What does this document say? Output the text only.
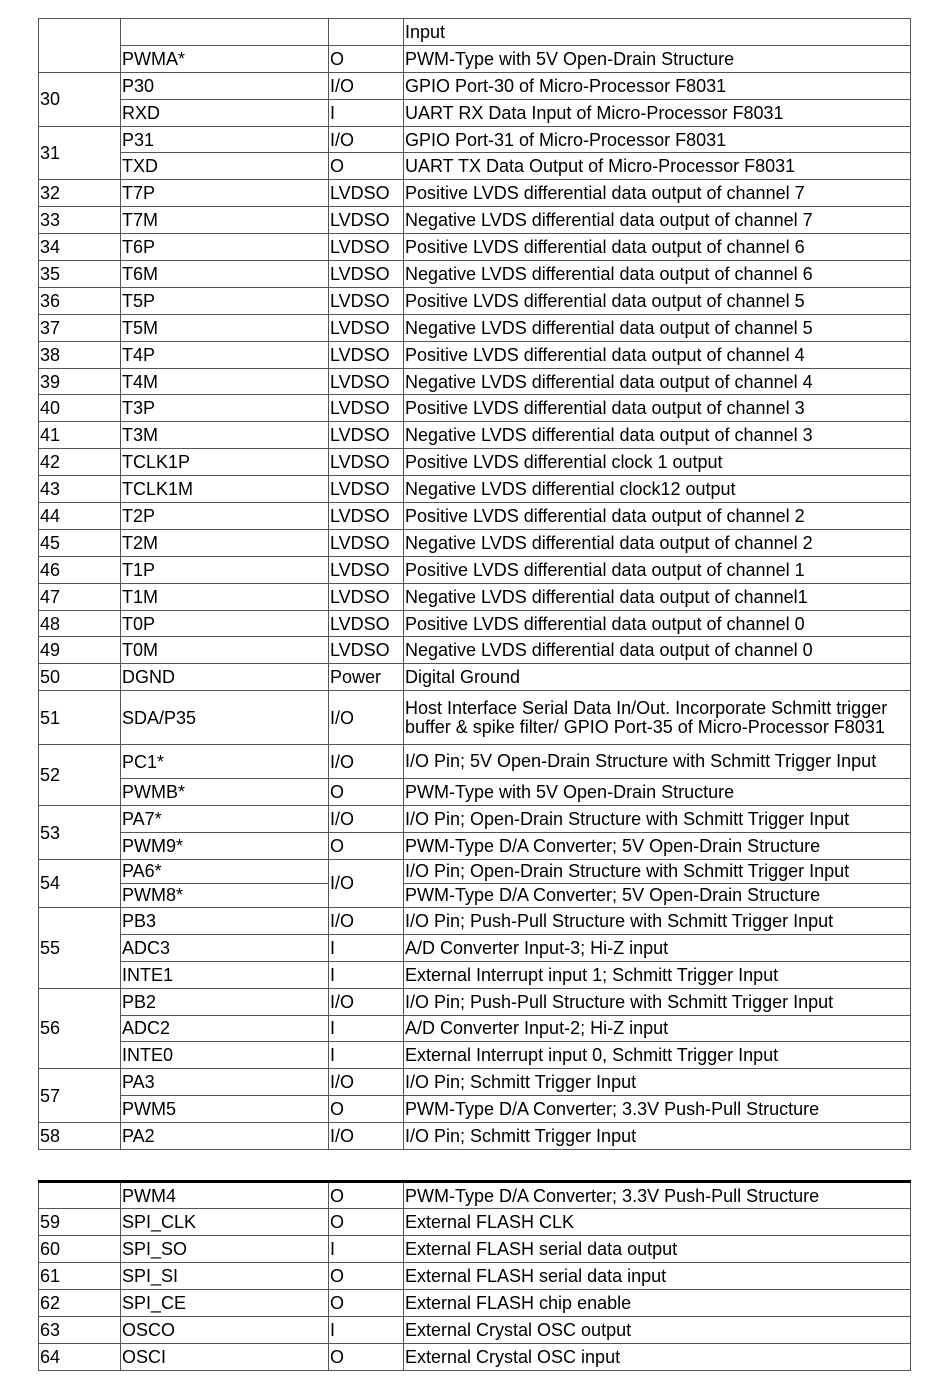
			Input
	PWMA*	O	PWM-Type with 5V Open-Drain Structure
30	P30	I/O	GPIO Port-30 of Micro-Processor F8031
	RXD	I	UART RX Data Input of Micro-Processor F8031
31	P31	I/O	GPIO Port-31 of Micro-Processor F8031
	TXD	O	UART TX Data Output of Micro-Processor F8031
32	T7P	LVDSO	Positive LVDS differential data output of channel 7
33	T7M	LVDSO	Negative LVDS differential data output of channel 7
34	T6P	LVDSO	Positive LVDS differential data output of channel 6
35	T6M	LVDSO	Negative LVDS differential data output of channel 6
36	T5P	LVDSO	Positive LVDS differential data output of channel 5
37	T5M	LVDSO	Negative LVDS differential data output of channel 5
38	T4P	LVDSO	Positive LVDS differential data output of channel 4
39	T4M	LVDSO	Negative LVDS differential data output of channel 4
40	T3P	LVDSO	Positive LVDS differential data output of channel 3
41	T3M	LVDSO	Negative LVDS differential data output of channel 3
42	TCLK1P	LVDSO	Positive LVDS differential clock 1 output
43	TCLK1M	LVDSO	Negative LVDS differential clock12 output
44	T2P	LVDSO	Positive LVDS differential data output of channel 2
45	T2M	LVDSO	Negative LVDS differential data output of channel 2
46	T1P	LVDSO	Positive LVDS differential data output of channel 1
47	T1M	LVDSO	Negative LVDS differential data output of channel1
48	T0P	LVDSO	Positive LVDS differential data output of channel 0
49	T0M	LVDSO	Negative LVDS differential data output of channel 0
50	DGND	Power	Digital Ground
51	SDA/P35	I/O	Host Interface Serial Data In/Out. Incorporate Schmitt trigger buffer & spike filter/ GPIO Port-35 of Micro-Processor F8031
52	PC1*	I/O	I/O Pin; 5V Open-Drain Structure with Schmitt Trigger Input
	PWMB*	O	PWM-Type with 5V Open-Drain Structure
53	PA7*	I/O	I/O Pin; Open-Drain Structure with Schmitt Trigger Input
	PWM9*	O	PWM-Type D/A Converter; 5V Open-Drain Structure
54	PA6*	I/O	I/O Pin; Open-Drain Structure with Schmitt Trigger Input
	PWM8*		PWM-Type D/A Converter; 5V Open-Drain Structure
55	PB3	I/O	I/O Pin; Push-Pull Structure with Schmitt Trigger Input
	ADC3	I	A/D Converter Input-3; Hi-Z input
	INTE1	I	External Interrupt input 1; Schmitt Trigger Input
56	PB2	I/O	I/O Pin; Push-Pull Structure with Schmitt Trigger Input
	ADC2	I	A/D Converter Input-2; Hi-Z input
	INTE0	I	External Interrupt input 0, Schmitt Trigger Input
57	PA3	I/O	I/O Pin; Schmitt Trigger Input
	PWM5	O	PWM-Type D/A Converter; 3.3V Push-Pull Structure
58	PA2	I/O	I/O Pin; Schmitt Trigger Input
	PWM4	O	PWM-Type D/A Converter; 3.3V Push-Pull Structure
59	SPI_CLK	O	External FLASH CLK
60	SPI_SO	I	External FLASH serial data output
61	SPI_SI	O	External FLASH serial data input
62	SPI_CE	O	External FLASH chip enable
63	OSCO	I	External Crystal OSC output
64	OSCI	O	External Crystal OSC input
